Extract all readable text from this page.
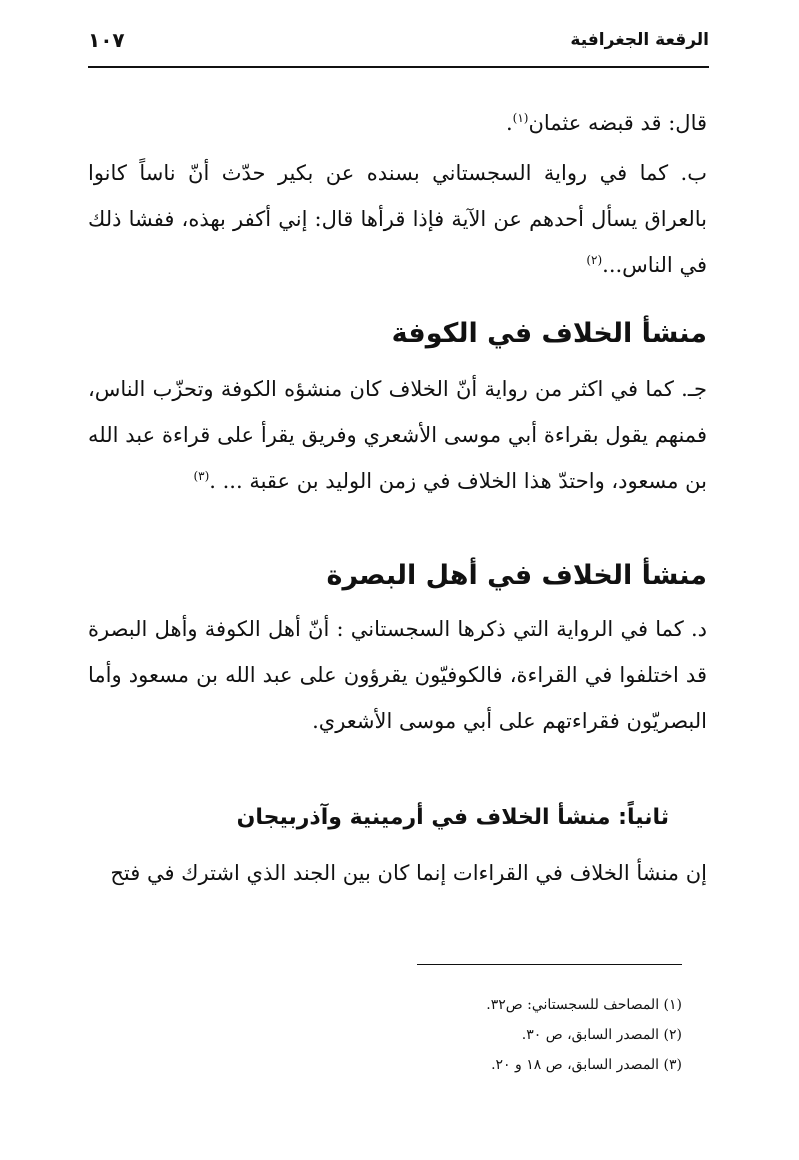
الرقعة الجغرافية
١٠٧
قال: قد قبضه عثمان$^{(١)}$.
ب. كما في رواية السجستاني بسنده عن بكير حدّث أنّ ناساً كانوا بالعراق يسأل أحدهم عن الآية فإذا قرأها قال: إني أكفر بهذه، ففشا ذلك في الناس...$^{(٢)}$
منشأ الخلاف في الكوفة
جـ. كما في اكثر من رواية أنّ الخلاف كان منشؤه الكوفة وتحزّب الناس، فمنهم يقول بقراءة أبي موسى الأشعري وفريق يقرأ على قراءة عبد الله بن مسعود، واحتدّ هذا الخلاف في زمن الوليد بن عقبة ... .$^{(٣)}$
منشأ الخلاف في أهل البصرة
د. كما في الرواية التي ذكرها السجستاني : أنّ أهل الكوفة وأهل البصرة قد اختلفوا في القراءة، فالكوفيّون يقرؤون على عبد الله بن مسعود وأما البصريّون فقراءتهم على أبي موسى الأشعري.
ثانياً: منشأ الخلاف في أرمينية وآذربيجان
إن منشأ الخلاف في القراءات إنما كان بين الجند الذي اشترك في فتح
(١) المصاحف للسجستاني: ص٣٢.
(٢) المصدر السابق، ص ٣٠.
(٣) المصدر السابق، ص ١٨ و ٢٠.
